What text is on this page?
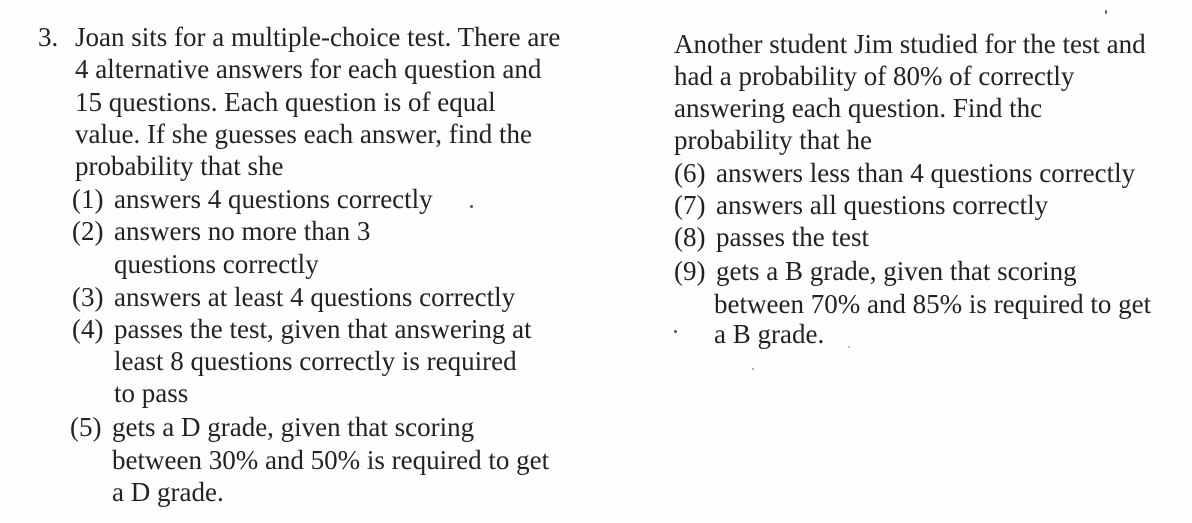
3. Joan sits for a multiple-choice test. There are
4 alternative answers for each question and
15 questions. Each question is of equal
value. If she guesses each answer, find the
probability that she
(1) answers 4 questions correctly
(2) answers no more than 3
questions correctly
(3) answers at least 4 questions correctly
(4) passes the test, given that answering at
least 8 questions correctly is required
to pass
(5) gets a D grade, given that scoring
between 30% and 50% is required to get
a D grade.
Another student Jim studied for the test and
had a probability of 80% of correctly
answering each question. Find thc
probability that he
(6) answers less than 4 questions correctly
(7) answers all questions correctly
(8) passes the test
(9) gets a B grade, given that scoring
between 70% and 85% is required to get
a B grade.
